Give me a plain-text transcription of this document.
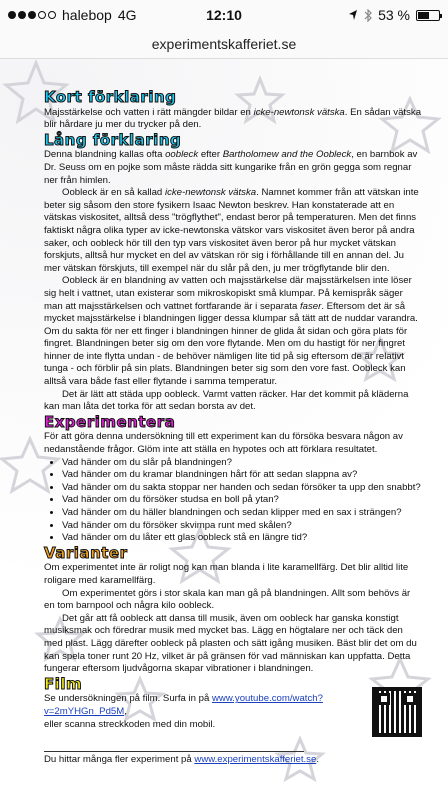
halebop 4G	12:10	53 %
experimentskafferiet.se
Kort förklaring

Majsstärkelse och vatten i rätt mängder bildar en icke-newtonsk vätska. En sådan vätska blir hårdare ju mer du trycker på den.

Lång förklaring

Denna blandning kallas ofta oobleck efter Bartholomew and the Oobleck, en barnbok av Dr. Seuss om en pojke som måste rädda sitt kungarike från en grön gegga som regnar ner från himlen.

Oobleck är en så kallad icke-newtonsk vätska. Namnet kommer från att vätskan inte beter sig såsom den store fysikern Isaac Newton beskrev. Han konstaterade att en vätskas viskositet, alltså dess "trögflythet", endast beror på temperaturen. Men det finns faktiskt några olika typer av icke-newtonska vätskor vars viskositet även beror på andra saker, och oobleck hör till den typ vars viskositet även beror på hur mycket vätskan forskjuts, alltså hur mycket en del av vätskan rör sig i förhållande till en annan del. Ju mer vätskan förskjuts, till exempel när du slår på den, ju mer trögflytande blir den.

Oobleck är en blandning av vatten och majsstärkelse där majsstärkelsen inte löser sig helt i vattnet, utan existerar som mikroskopiskt små klumpar. På kemispråk säger man att majsstärkelsen och vattnet fortfarande är i separata faser. Eftersom det är så mycket majsstärkelse i blandningen ligger dessa klumpar så tätt att de nuddar varandra. Om du sakta för ner ett finger i blandningen hinner de glida åt sidan och göra plats för fingret. Blandningen beter sig om den vore flytande. Men om du hastigt för ner fingret hinner de inte flytta undan - de behöver nämligen lite tid på sig eftersom de är relativt tunga - och förblir på sin plats. Blandningen beter sig som den vore fast. Oobleck kan alltså vara både fast eller flytande i samma temperatur.

Det är lätt att städa upp oobleck. Varmt vatten räcker. Har det kommit på kläderna kan man låta det torka för att sedan borsta av det.

Experimentera

För att göra denna undersökning till ett experiment kan du försöka besvara någon av nedanstående frågor. Glöm inte att ställa en hypotes och att förklara resultatet.

• Vad händer om du slår på blandningen?
• Vad händer om du kramar blandningen hårt för att sedan slappna av?
• Vad händer om du sakta stoppar ner handen och sedan försöker ta upp den snabbt?
• Vad händer om du försöker studsa en boll på ytan?
• Vad händer om du häller blandningen och sedan klipper med en sax i strängen?
• Vad händer om du försöker skvimpa runt med skålen?
• Vad händer om du låter ett glas oobleck stå en längre tid?
Varianter

Om experimentet inte är roligt nog kan man blanda i lite karamellfärg. Det blir alltid lite roligare med karamellfärg.

Om experimentet görs i stor skala kan man gå på blandningen. Allt som behövs är en tom barnpool och några kilo oobleck.

Det går att få oobleck att dansa till musik, även om oobleck har ganska konstigt musiksmak och föredrar musik med mycket bas. Lägg en högtalare ner och täck den med plast. Lägg därefter oobleck på plasten och sätt igång musiken. Bäst blir det om du kan spela toner runt 20 Hz, vilket är på gränsen för vad människan kan uppfatta. Detta fungerar eftersom ljudvågorna skapar vibrationer i blandningen.

Film

Se undersökningen på film. Surfa in på www.youtube.com/watch?v=2mYHGn_Pd5M,
eller scanna streckkoden med din mobil.

Du hittar många fler experiment på www.experimentskafferiet.se.
